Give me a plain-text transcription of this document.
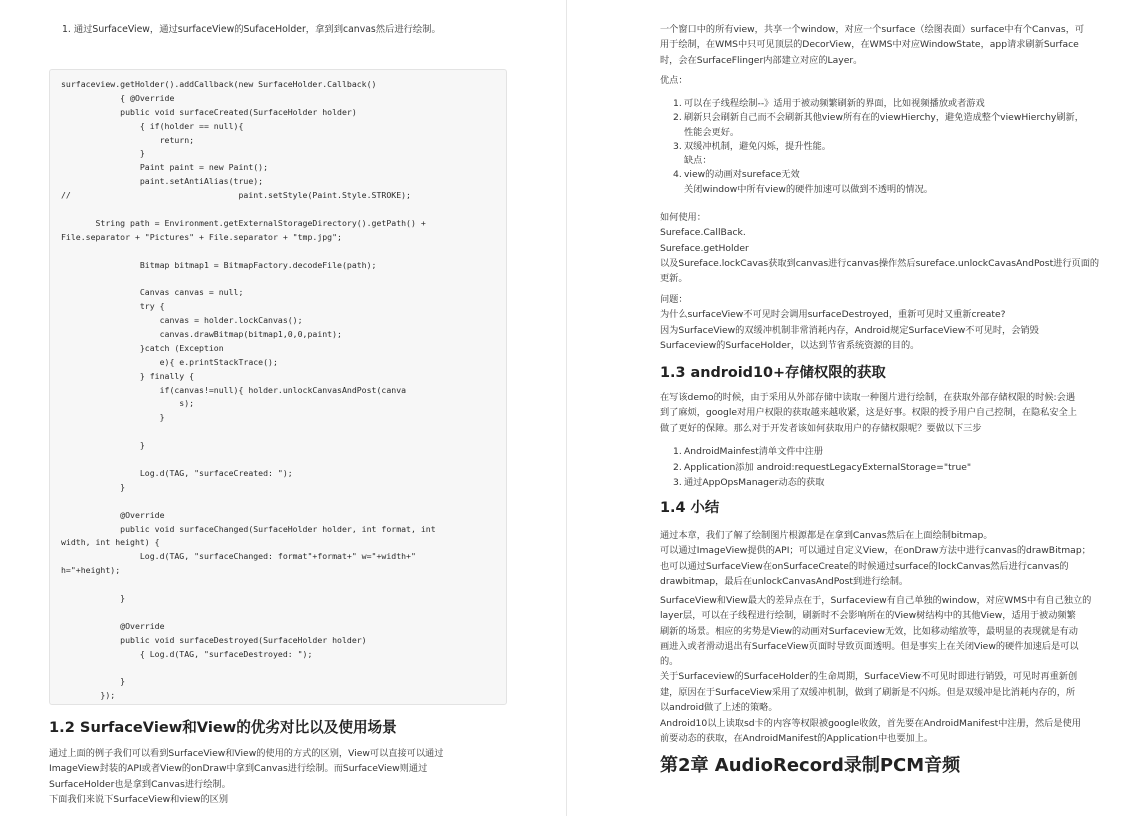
1. 通过SurfaceView，通过surfaceView的SufaceHolder，拿到到canvas然后进行绘制。
surfaceview.getHolder().addCallback(new SurfaceHolder.Callback()
{ @Override
public void surfaceCreated(SurfaceHolder holder)
{ if(holder == null){
return;
}
Paint paint = new Paint();
paint.setAntiAlias(true);
//                                  paint.setStyle(Paint.Style.STROKE);
String path = Environment.getExternalStorageDirectory().getPath() +
File.separator + "Pictures" + File.separator + "tmp.jpg";
Bitmap bitmap1 = BitmapFactory.decodeFile(path);
Canvas canvas = null;
try {
canvas = holder.lockCanvas();
canvas.drawBitmap(bitmap1,0,0,paint);
}catch (Exception
e){ e.printStackTrace();
} finally {
if(canvas!=null){ holder.unlockCanvasAndPost(canva
s);
}
}
Log.d(TAG, "surfaceCreated: ");
}
@Override
public void surfaceChanged(SurfaceHolder holder, int format, int
width, int height) {
Log.d(TAG, "surfaceChanged: format"+format+" w="+width+"
h="+height);
}
@Override
public void surfaceDestroyed(SurfaceHolder holder)
{ Log.d(TAG, "surfaceDestroyed: ");
}
});
1.2 SurfaceView和View的优劣对比以及使用场景

通过上面的例子我们可以看到SurfaceView和View的使用的方式的区别，View可以直接可以通过

ImageView封装的API或者View的onDraw中拿到Canvas进行绘制。而SurfaceView则通过

SurfaceHolder也是拿到Canvas进行绘制。

下面我们来说下SurfaceView和view的区别

一个窗口中的所有view，共享一个window，对应一个surface（绘图表面）surface中有个Canvas，可

用于绘制，在WMS中只可见顶层的DecorView，在WMS中对应WindowState，app请求刷新Surface

时，会在SurfaceFlinger内部建立对应的Layer。

优点：

1. 可以在子线程绘制--》适用于被动频繁刷新的界面，比如视频播放或者游戏
2. 刷新只会刷新自己而不会刷新其他view所有在的viewHierchy，避免造成整个viewHierchy刷新，
性能会更好。
3. 双缓冲机制，避免闪烁，提升性能。
缺点：
4. view的动画对sureface无效
关闭window中所有view的硬件加速可以做到不透明的情况。

如何使用：

Sureface.CallBack.

Sureface.getHolder

以及Sureface.lockCavas获取到canvas进行canvas操作然后sureface.unlockCavasAndPost进行页面的

更新。

问题：

为什么surfaceView不可见时会调用surfaceDestroyed，重新可见时又重新create?

因为SurfaceView的双缓冲机制非常消耗内存，Android规定SurfaceView不可见时，会销毁

Surfaceview的SurfaceHolder，以达到节省系统资源的目的。

1.3 android10+存储权限的获取

在写该demo的时候，由于采用从外部存储中读取一种图片进行绘制，在获取外部存储权限的时候:会遇

到了麻烦，google对用户权限的获取越来越收紧，这是好事。权限的授予用户自己控制，在隐私安全上

做了更好的保障。那么对于开发者该如何获取用户的存储权限呢？要做以下三步

1. AndroidMainfest清单文件中注册
2. Application添加 android:requestLegacyExternalStorage="true"
3. 通过AppOpsManager动态的获取
1.4 小结

通过本章，我们了解了绘制图片根源都是在拿到Canvas然后在上面绘制bitmap。

可以通过ImageView提供的API；可以通过自定义View，在onDraw方法中进行canvas的drawBitmap；

也可以通过SurfaceView在onSurfaceCreate的时候通过surface的lockCanvas然后进行canvas的

drawbitmap，最后在unlockCanvasAndPost到进行绘制。

SurfaceView和View最大的差异点在于，Surfaceview有自己单独的window，对应WMS中有自己独立的

layer层，可以在子线程进行绘制，刷新时不会影响所在的View树结构中的其他View，适用于被动频繁

刷新的场景。相应的劣势是View的动画对Surfaceview无效，比如移动缩放等，最明显的表现就是有动

画进入或者滑动退出有SurfaceView页面时导致页面透明。但是事实上在关闭View的硬件加速后是可以

的。

关于Surfaceview的SurfaceHolder的生命周期，SurfaceView不可见时即进行销毁，可见时再重新创

建，原因在于SurfaceView采用了双缓冲机制，做到了刷新是不闪烁。但是双缓冲是比消耗内存的，所

以android做了上述的策略。

Android10以上读取sd卡的内容等权限被google收敛，首先要在AndroidManifest中注册，然后是使用

前要动态的获取，在AndroidManifest的Application中也要加上。

第2章 AudioRecord录制PCM音频
